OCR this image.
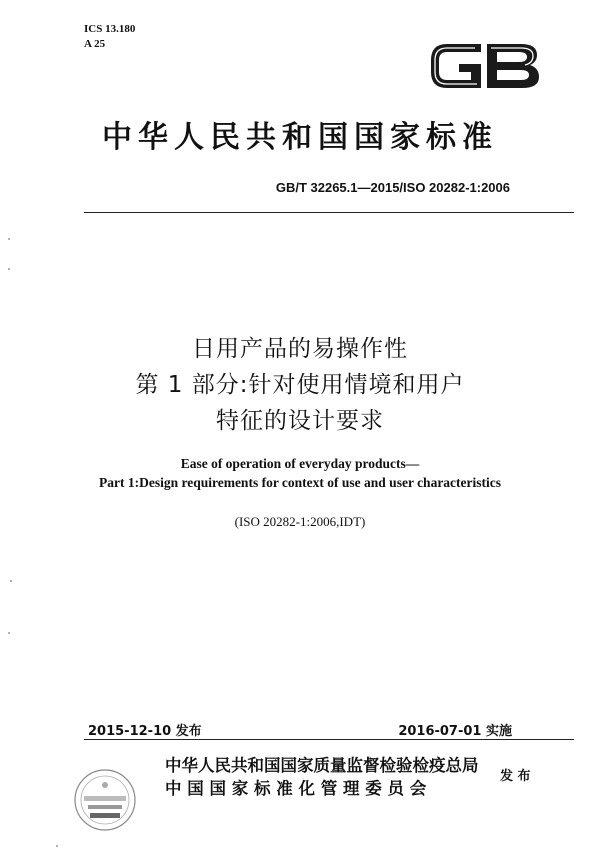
ICS 13.180
A 25
中华人民共和国国家标准
GB/T 32265.1—2015/ISO 20282-1:2006
日用产品的易操作性
第 1 部分:针对使用情境和用户
特征的设计要求
Ease of operation of everyday products—
Part 1:Design requirements for context of use and user characteristics
(ISO 20282-1:2006,IDT)
2015-12-10 发布	2016-07-01 实施
中华人民共和国国家质量监督检验检疫总局
中 国 国 家 标 准 化 管 理 委 员 会
发 布
